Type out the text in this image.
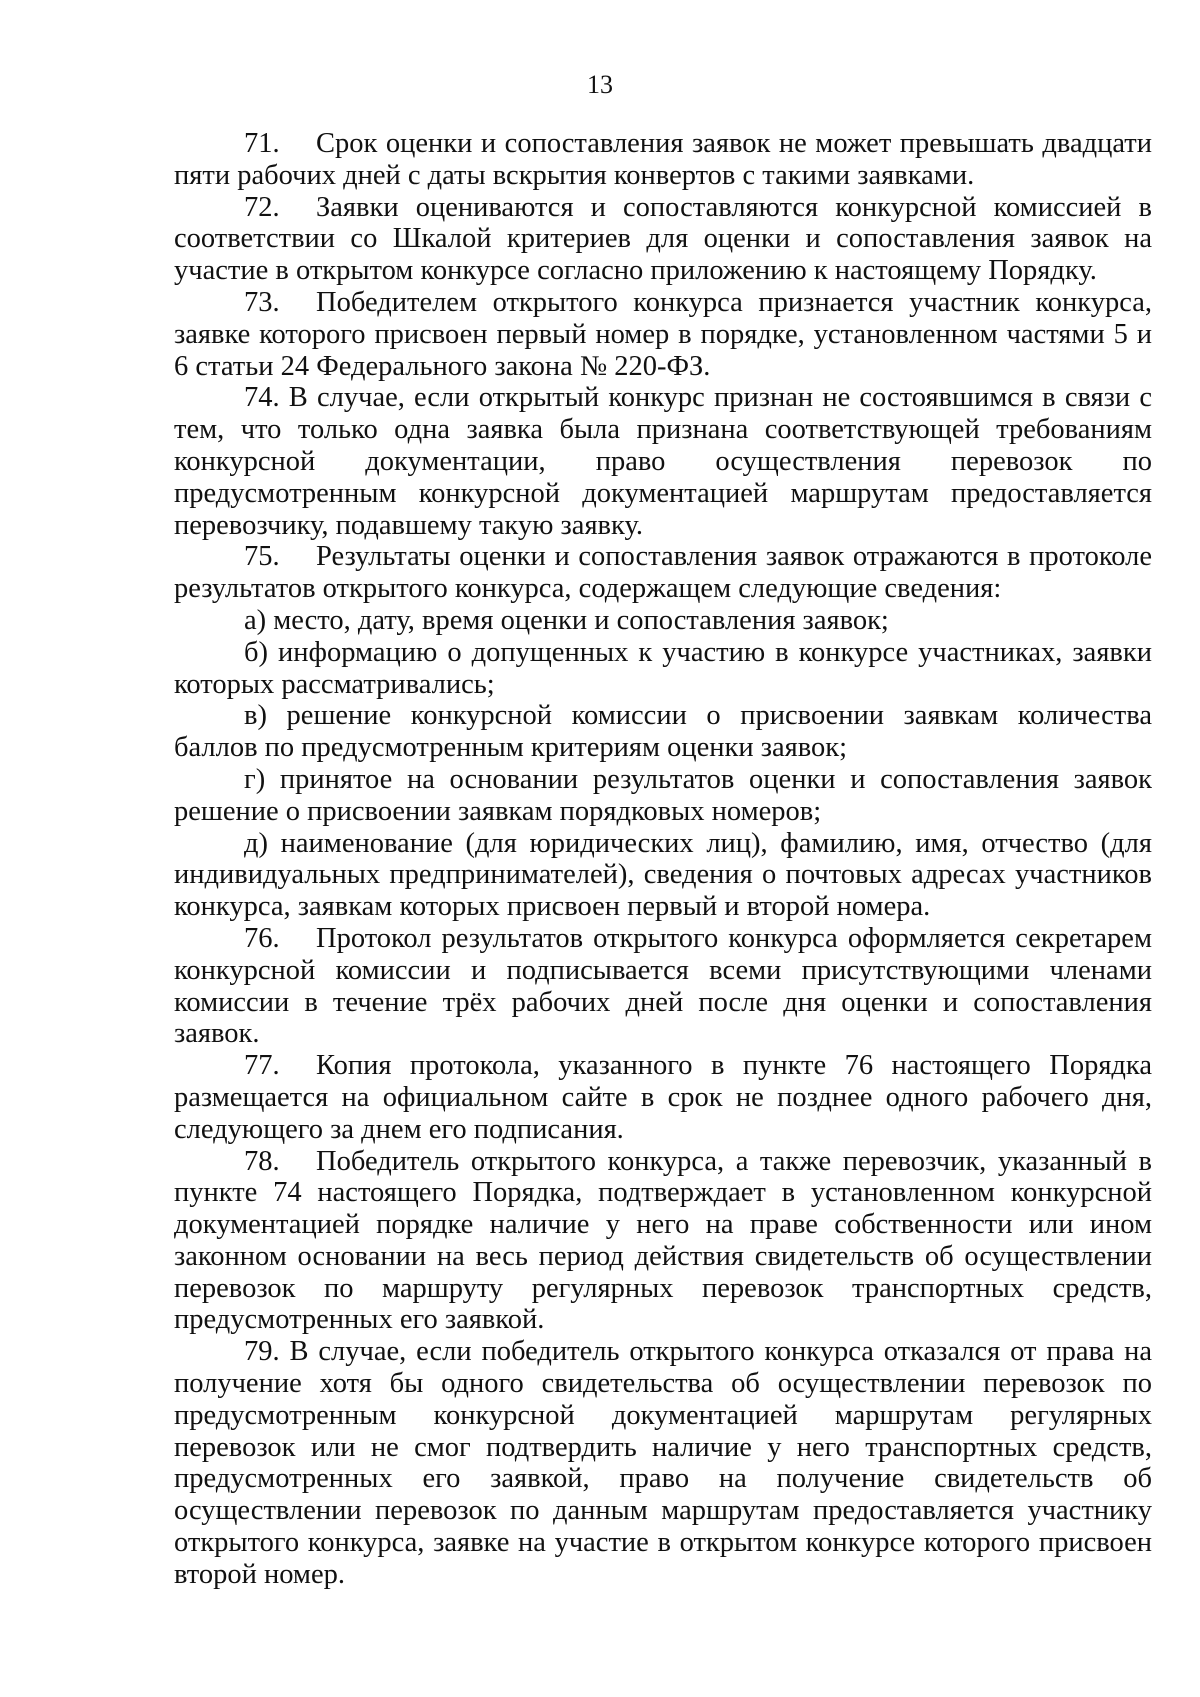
13

71. Срок оценки и сопоставления заявок не может превышать двадцати пяти рабочих дней с даты вскрытия конвертов с такими заявками.

72. Заявки оцениваются и сопоставляются конкурсной комиссией в соответствии со Шкалой критериев для оценки и сопоставления заявок на участие в открытом конкурсе согласно приложению к настоящему Порядку.

73. Победителем открытого конкурса признается участник конкурса, заявке которого присвоен первый номер в порядке, установленном частями 5 и 6 статьи 24 Федерального закона № 220-ФЗ.

74. В случае, если открытый конкурс признан не состоявшимся в связи с тем, что только одна заявка была признана соответствующей требованиям конкурсной документации, право осуществления перевозок по предусмотренным конкурсной документацией маршрутам предоставляется перевозчику, подавшему такую заявку.

75. Результаты оценки и сопоставления заявок отражаются в протоколе результатов открытого конкурса, содержащем следующие сведения:

а) место, дату, время оценки и сопоставления заявок;

б) информацию о допущенных к участию в конкурсе участниках, заявки которых рассматривались;

в) решение конкурсной комиссии о присвоении заявкам количества баллов по предусмотренным критериям оценки заявок;

г) принятое на основании результатов оценки и сопоставления заявок решение о присвоении заявкам порядковых номеров;

д) наименование (для юридических лиц), фамилию, имя, отчество (для индивидуальных предпринимателей), сведения о почтовых адресах участников конкурса, заявкам которых присвоен первый и второй номера.

76. Протокол результатов открытого конкурса оформляется секретарем конкурсной комиссии и подписывается всеми присутствующими членами комиссии в течение трёх рабочих дней после дня оценки и сопоставления заявок.

77. Копия протокола, указанного в пункте 76 настоящего Порядка размещается на официальном сайте в срок не позднее одного рабочего дня, следующего за днем его подписания.

78. Победитель открытого конкурса, а также перевозчик, указанный в пункте 74 настоящего Порядка, подтверждает в установленном конкурсной документацией порядке наличие у него на праве собственности или ином законном основании на весь период действия свидетельств об осуществлении перевозок по маршруту регулярных перевозок транспортных средств, предусмотренных его заявкой.

79. В случае, если победитель открытого конкурса отказался от права на получение хотя бы одного свидетельства об осуществлении перевозок по предусмотренным конкурсной документацией маршрутам регулярных перевозок или не смог подтвердить наличие у него транспортных средств, предусмотренных его заявкой, право на получение свидетельств об осуществлении перевозок по данным маршрутам предоставляется участнику открытого конкурса, заявке на участие в открытом конкурсе которого присвоен второй номер.
